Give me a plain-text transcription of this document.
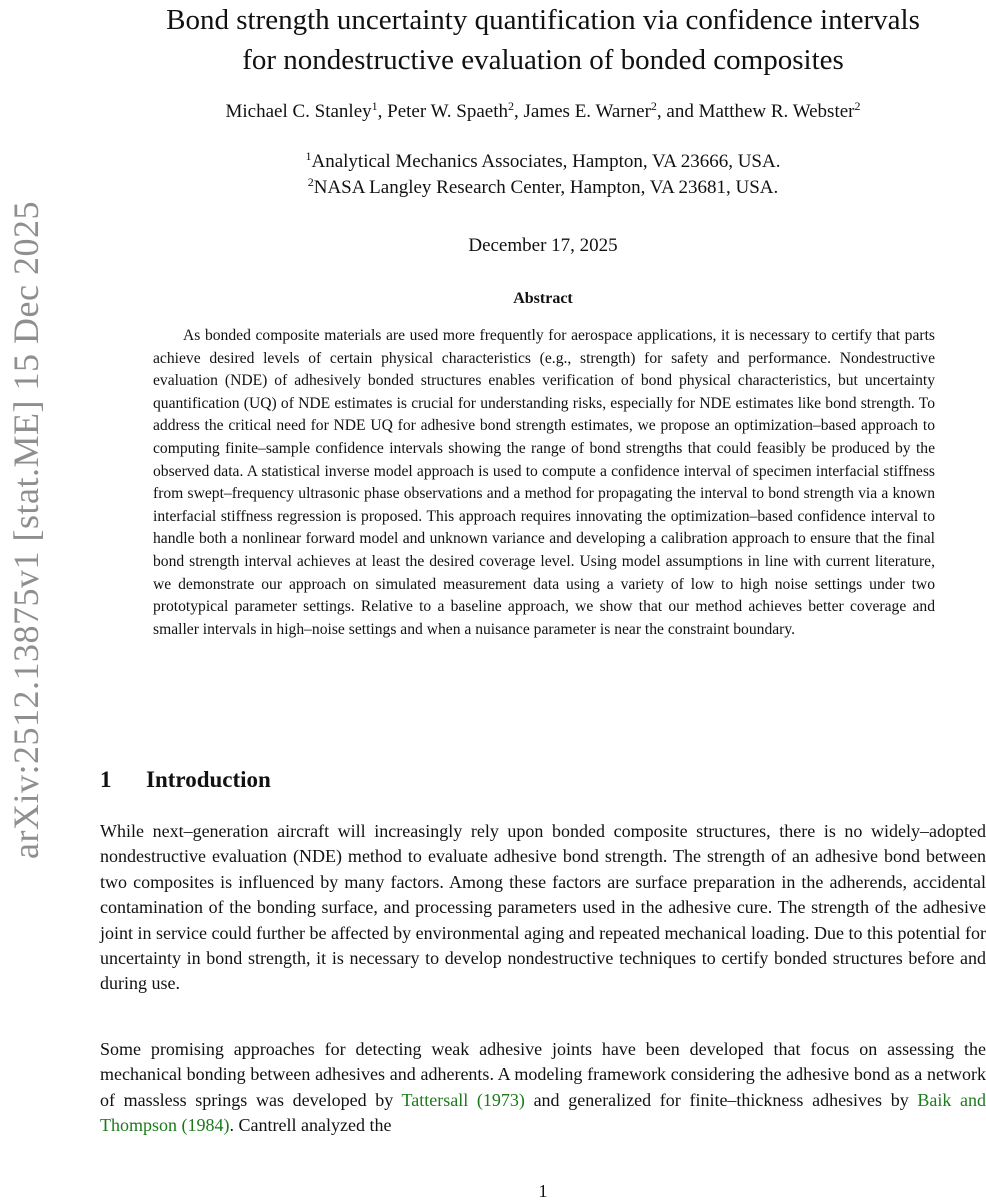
arXiv:2512.13875v1 [stat.ME] 15 Dec 2025
Bond strength uncertainty quantification via confidence intervals
for nondestructive evaluation of bonded composites
Michael C. Stanley$^1$, Peter W. Spaeth$^2$, James E. Warner$^2$, and Matthew R. Webster$^2$
$^1$Analytical Mechanics Associates, Hampton, VA 23666, USA.
$^2$NASA Langley Research Center, Hampton, VA 23681, USA.
December 17, 2025
Abstract

As bonded composite materials are used more frequently for aerospace applications, it is necessary to certify that parts achieve desired levels of certain physical characteristics (e.g., strength) for safety and performance. Nondestructive evaluation (NDE) of adhesively bonded structures enables verification of bond physical characteristics, but uncertainty quantification (UQ) of NDE estimates is crucial for understanding risks, especially for NDE estimates like bond strength. To address the critical need for NDE UQ for adhesive bond strength estimates, we propose an optimization–based approach to computing finite–sample confidence intervals showing the range of bond strengths that could feasibly be produced by the observed data. A statistical inverse model approach is used to compute a confidence interval of specimen interfacial stiffness from swept–frequency ultrasonic phase observations and a method for propagating the interval to bond strength via a known interfacial stiffness regression is proposed. This approach requires innovating the optimization–based confidence interval to handle both a nonlinear forward model and unknown variance and developing a calibration approach to ensure that the final bond strength interval achieves at least the desired coverage level. Using model assumptions in line with current literature, we demonstrate our approach on simulated measurement data using a variety of low to high noise settings under two prototypical parameter settings. Relative to a baseline approach, we show that our method achieves better coverage and smaller intervals in high–noise settings and when a nuisance parameter is near the constraint boundary.

1 Introduction

While next–generation aircraft will increasingly rely upon bonded composite structures, there is no widely–adopted nondestructive evaluation (NDE) method to evaluate adhesive bond strength. The strength of an adhesive bond between two composites is influenced by many factors. Among these factors are surface preparation in the adherends, accidental contamination of the bonding surface, and processing parameters used in the adhesive cure. The strength of the adhesive joint in service could further be affected by environmental aging and repeated mechanical loading. Due to this potential for uncertainty in bond strength, it is necessary to develop nondestructive techniques to certify bonded structures before and during use.

Some promising approaches for detecting weak adhesive joints have been developed that focus on assessing the mechanical bonding between adhesives and adherents. A modeling framework considering the adhesive bond as a network of massless springs was developed by Tattersall (1973) and generalized for finite–thickness adhesives by Baik and Thompson (1984). Cantrell analyzed the

1
